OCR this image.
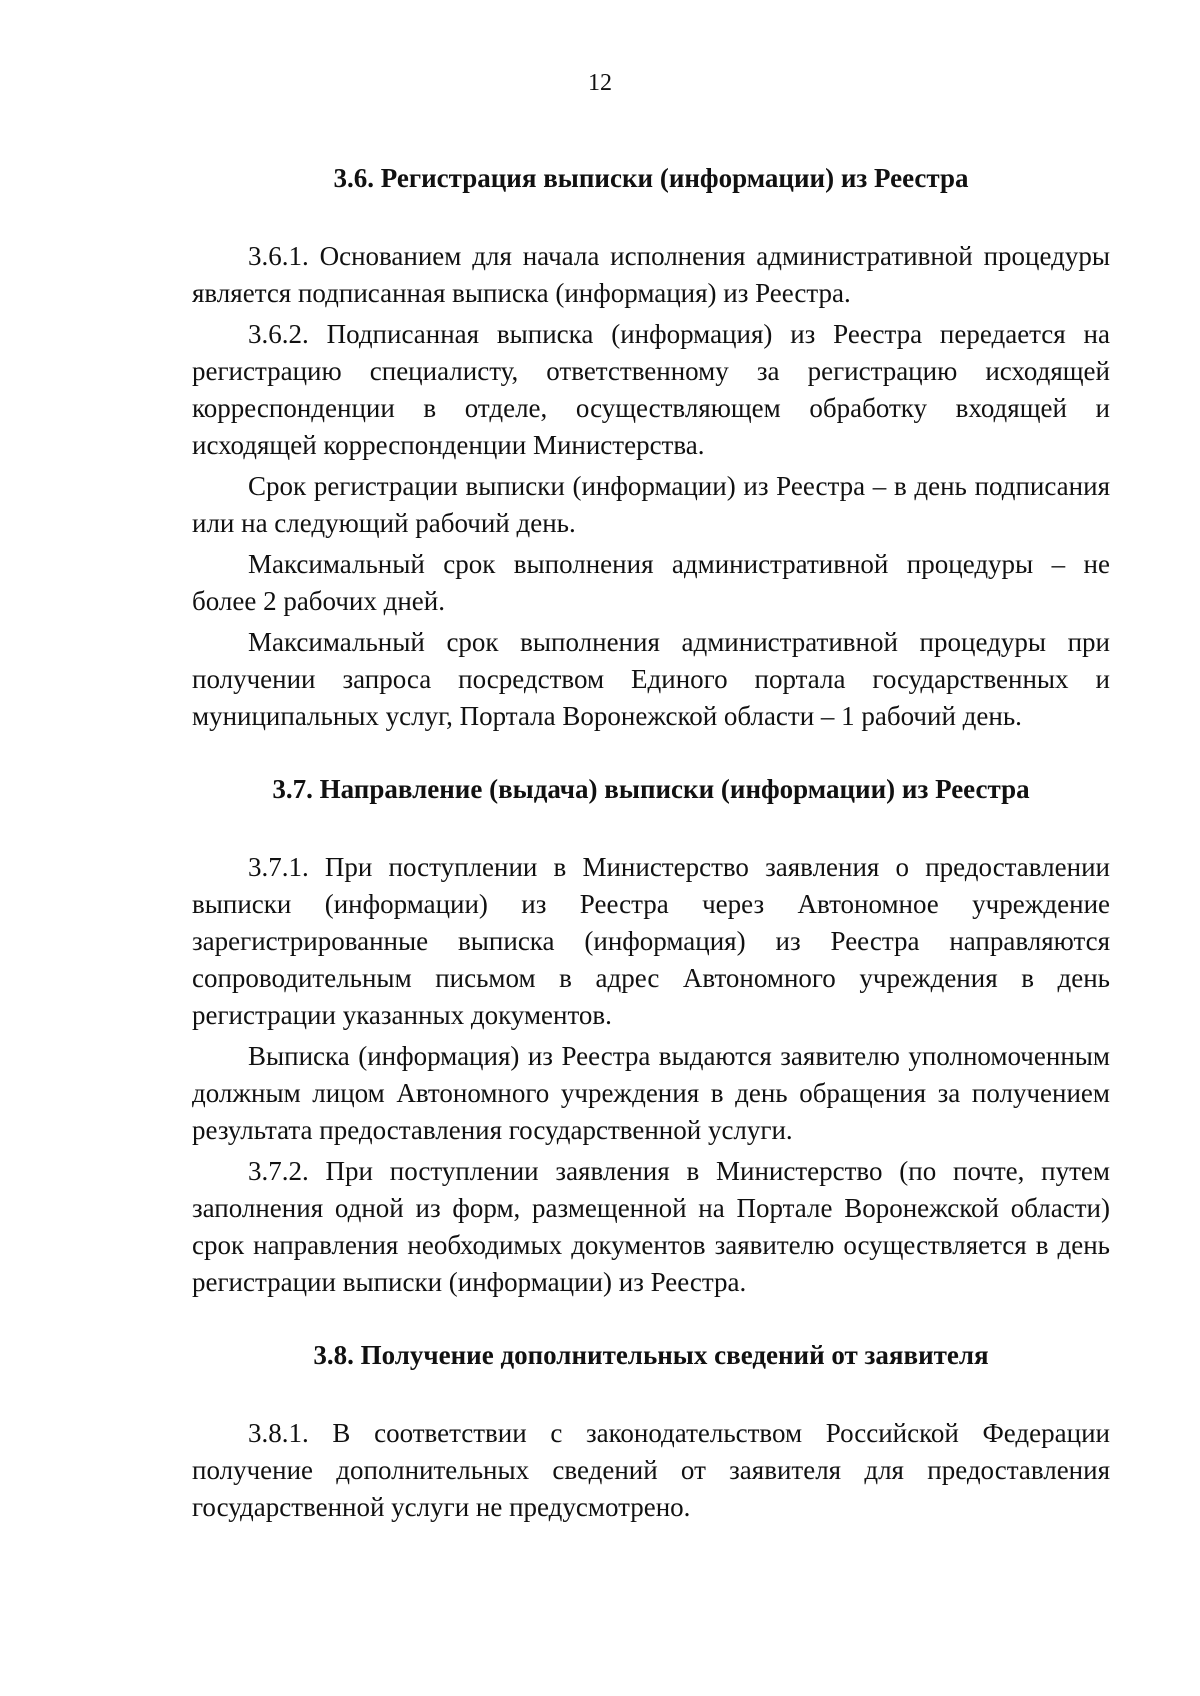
12
3.6. Регистрация выписки (информации) из Реестра

3.6.1. Основанием для начала исполнения административной процедуры является подписанная выписка (информация) из Реестра.

3.6.2. Подписанная выписка (информация) из Реестра передается на регистрацию специалисту, ответственному за регистрацию исходящей корреспонденции в отделе, осуществляющем обработку входящей и исходящей корреспонденции Министерства.

Срок регистрации выписки (информации) из Реестра – в день подписания или на следующий рабочий день.

Максимальный срок выполнения административной процедуры – не более 2 рабочих дней.

Максимальный срок выполнения административной процедуры при получении запроса посредством Единого портала государственных и муниципальных услуг, Портала Воронежской области – 1 рабочий день.

3.7. Направление (выдача) выписки (информации) из Реестра

3.7.1. При поступлении в Министерство заявления о предоставлении выписки (информации) из Реестра через Автономное учреждение зарегистрированные выписка (информация) из Реестра направляются сопроводительным письмом в адрес Автономного учреждения в день регистрации указанных документов.

Выписка (информация) из Реестра выдаются заявителю уполномоченным должным лицом Автономного учреждения в день обращения за получением результата предоставления государственной услуги.

3.7.2. При поступлении заявления в Министерство (по почте, путем заполнения одной из форм, размещенной на Портале Воронежской области) срок направления необходимых документов заявителю осуществляется в день регистрации выписки (информации) из Реестра.

3.8. Получение дополнительных сведений от заявителя

3.8.1. В соответствии с законодательством Российской Федерации получение дополнительных сведений от заявителя для предоставления государственной услуги не предусмотрено.
